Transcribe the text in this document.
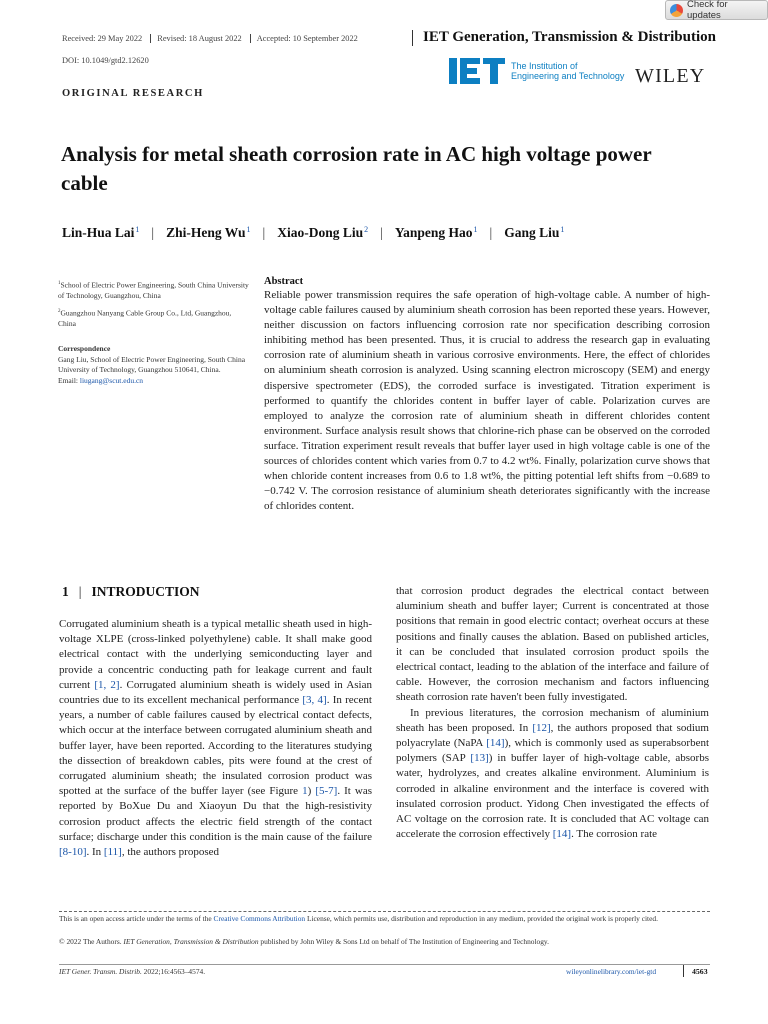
Check for updates
Received: 29 May 2022	Revised: 18 August 2022	Accepted: 10 September 2022
DOI: 10.1049/gtd2.12620
IET Generation, Transmission & Distribution
The Institution of
Engineering and Technology WILEY
ORIGINAL RESEARCH
Analysis for metal sheath corrosion rate in AC high voltage power cable
Lin-Hua Lai 1 | Zhi-Heng Wu 1 | Xiao-Dong Liu 2 | Yanpeng Hao 1 | Gang Liu 1

$^1$School of Electric Power Engineering, South China University of Technology, Guangzhou, China

$^2$Guangzhou Nanyang Cable Group Co., Ltd, Guangzhou, China

Correspondence

Gang Liu, School of Electric Power Engineering, South China University of Technology, Guangzhou 510641, China.
Email: liugang@scut.edu.cn

Abstract

Reliable power transmission requires the safe operation of high-voltage cable. A number of high-voltage cable failures caused by aluminium sheath corrosion has been reported these years. However, neither discussion on factors influencing corrosion rate nor specification describing corrosion inhibiting method has been presented. Thus, it is crucial to address the research gap in evaluating corrosion rate of aluminium sheath in various corrosive environments. Here, the effect of chlorides on aluminium sheath corrosion is analyzed. Using scanning electron microscopy (SEM) and energy dispersive spectrometer (EDS), the corroded surface is investigated. Titration experiment is performed to quantify the chlorides content in buffer layer of cable. Polarization curves are employed to analyze the corrosion rate of aluminium sheath in different chlorides content environment. Surface analysis result shows that chlorine-rich phase can be observed on the corroded surface. Titration experiment result reveals that buffer layer used in high voltage cable is one of the sources of chlorides content which varies from 0.7 to 4.2 wt%. Finally, polarization curve shows that when chloride content increases from 0.6 to 1.8 wt%, the pitting potential left shifts from −0.689 to −0.742 V. The corrosion resistance of aluminium sheath deteriorates significantly with the increase of chlorides content.

1 | INTRODUCTION

Corrugated aluminium sheath is a typical metallic sheath used in high-voltage XLPE (cross-linked polyethylene) cable. It shall make good electrical contact with the underlying semiconducting layer and provide a concentric conducting path for leakage current and fault current [1, 2]. Corrugated aluminium sheath is widely used in Asian countries due to its excellent mechanical performance [3, 4]. In recent years, a number of cable failures caused by electrical contact defects, which occur at the interface between corrugated aluminium sheath and buffer layer, have been reported. According to the literatures studying the dissection of breakdown cables, pits were found at the crest of corrugated aluminium sheath; the insulated corrosion product was spotted at the surface of the buffer layer (see Figure 1) [5-7]. It was reported by BoXue Du and Xiaoyun Du that the high-resistivity corrosion product affects the electric field strength of the contact surface; discharge under this condition is the main cause of the failure [8-10]. In [11], the authors proposed

that corrosion product degrades the electrical contact between aluminium sheath and buffer layer; Current is concentrated at those positions that remain in good electric contact; overheat occurs at these positions and finally causes the ablation. Based on published articles, it can be concluded that insulated corrosion product spoils the electrical contact, leading to the ablation of the interface and failure of cable. However, the corrosion mechanism and factors influencing sheath corrosion rate haven't been fully investigated.

In previous literatures, the corrosion mechanism of aluminium sheath has been proposed. In [12], the authors proposed that sodium polyacrylate (NaPA [14]), which is commonly used as superabsorbent polymers (SAP [13]) in buffer layer of high-voltage cable, absorbs water, hydrolyzes, and creates alkaline environment. Aluminium is corroded in alkaline environment and the interface is covered with insulated corrosion product. Yidong Chen investigated the effects of AC voltage on the corrosion rate. It is concluded that AC voltage can accelerate the corrosion effectively [14]. The corrosion rate

This is an open access article under the terms of the Creative Commons Attribution License, which permits use, distribution and reproduction in any medium, provided the original work is properly cited.
© 2022 The Authors. IET Generation, Transmission & Distribution published by John Wiley & Sons Ltd on behalf of The Institution of Engineering and Technology.
IET Gener. Transm. Distrib. 2022;16:4563–4574.	wileyonlinelibrary.com/iet-gtd	4563
